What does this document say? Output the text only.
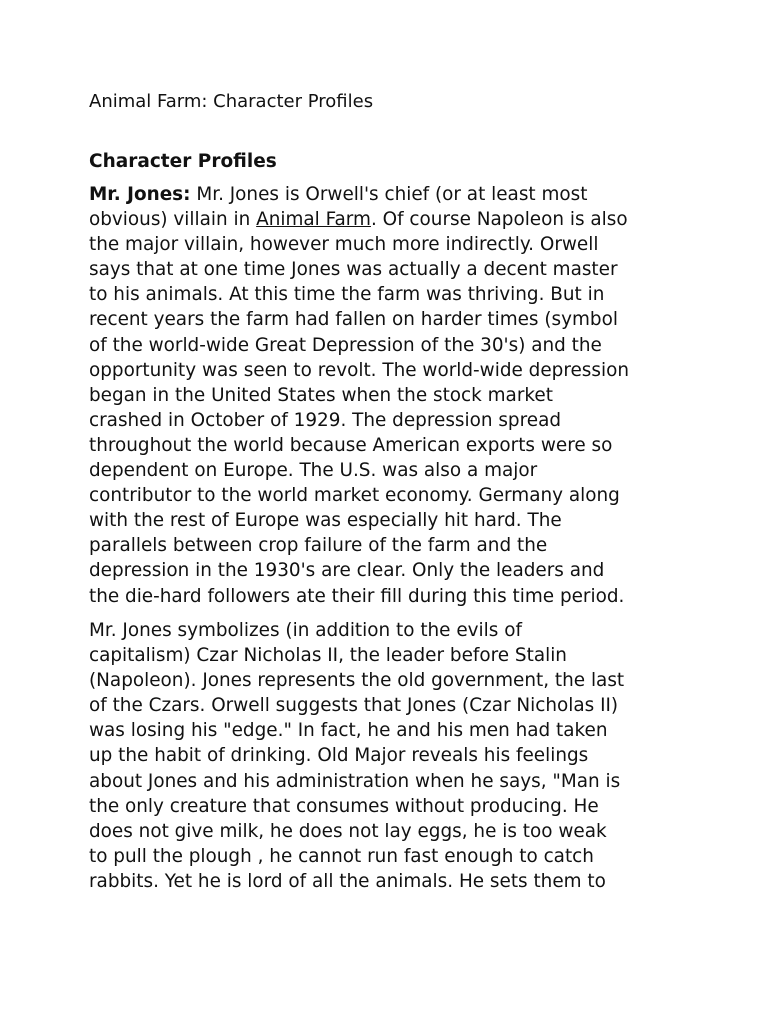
Animal Farm: Character Profiles
Character Profiles

Mr. Jones: Mr. Jones is Orwell's chief (or at least most
obvious) villain in Animal Farm. Of course Napoleon is also
the major villain, however much more indirectly. Orwell
says that at one time Jones was actually a decent master
to his animals. At this time the farm was thriving. But in
recent years the farm had fallen on harder times (symbol
of the world-wide Great Depression of the 30's) and the
opportunity was seen to revolt. The world-wide depression
began in the United States when the stock market
crashed in October of 1929. The depression spread
throughout the world because American exports were so
dependent on Europe. The U.S. was also a major
contributor to the world market economy. Germany along
with the rest of Europe was especially hit hard. The
parallels between crop failure of the farm and the
depression in the 1930's are clear. Only the leaders and
the die-hard followers ate their fill during this time period.

Mr. Jones symbolizes (in addition to the evils of
capitalism) Czar Nicholas II, the leader before Stalin
(Napoleon). Jones represents the old government, the last
of the Czars. Orwell suggests that Jones (Czar Nicholas II)
was losing his "edge." In fact, he and his men had taken
up the habit of drinking. Old Major reveals his feelings
about Jones and his administration when he says, "Man is
the only creature that consumes without producing. He
does not give milk, he does not lay eggs, he is too weak
to pull the plough , he cannot run fast enough to catch
rabbits. Yet he is lord of all the animals. He sets them to
